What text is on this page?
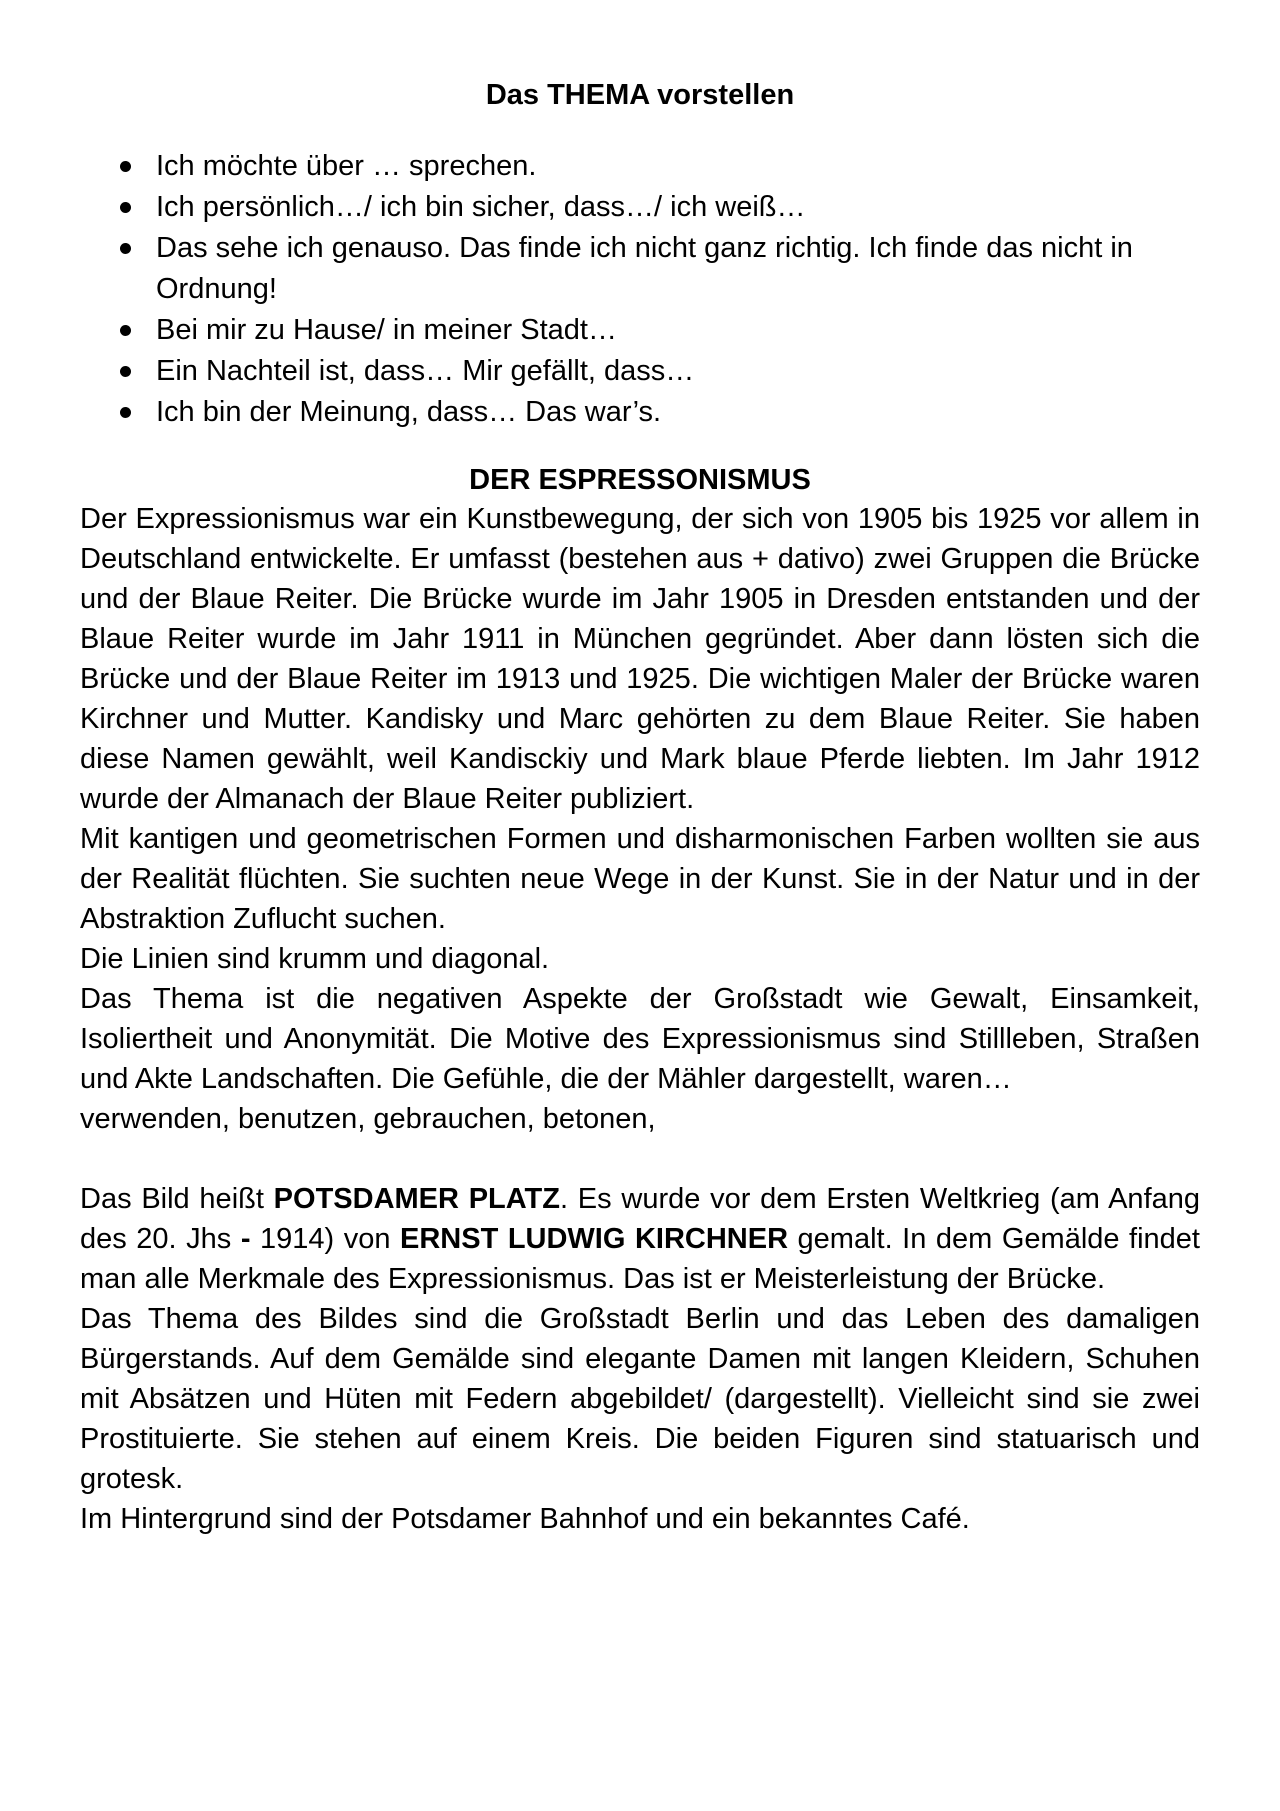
Das THEMA vorstellen
Ich möchte über … sprechen.
Ich persönlich…/ ich bin sicher, dass…/ ich weiß…
Das sehe ich genauso. Das finde ich nicht ganz richtig. Ich finde das nicht in Ordnung!
Bei mir zu Hause/ in meiner Stadt…
Ein Nachteil ist, dass… Mir gefällt, dass…
Ich bin der Meinung, dass… Das war’s.
DER ESPRESSONISMUS

Der Expressionismus war ein Kunstbewegung, der sich von 1905 bis 1925 vor allem in Deutschland entwickelte. Er umfasst (bestehen aus + dativo) zwei Gruppen die Brücke und der Blaue Reiter. Die Brücke wurde im Jahr 1905 in Dresden entstanden und der Blaue Reiter wurde im Jahr 1911 in München gegründet. Aber dann lösten sich die Brücke und der Blaue Reiter im 1913 und 1925. Die wichtigen Maler der Brücke waren Kirchner und Mutter. Kandisky und Marc gehörten zu dem Blaue Reiter. Sie haben diese Namen gewählt, weil Kandisckiy und Mark blaue Pferde liebten. Im Jahr 1912 wurde der Almanach der Blaue Reiter publiziert.

Mit kantigen und geometrischen Formen und disharmonischen Farben wollten sie aus der Realität flüchten. Sie suchten neue Wege in der Kunst. Sie in der Natur und in der Abstraktion Zuflucht suchen.

Die Linien sind krumm und diagonal.

Das Thema ist die negativen Aspekte der Großstadt wie Gewalt, Einsamkeit, Isoliertheit und Anonymität. Die Motive des Expressionismus sind Stillleben, Straßen und Akte Landschaften. Die Gefühle, die der Mähler dargestellt, waren…

verwenden, benutzen, gebrauchen, betonen,

Das Bild heißt POTSDAMER PLATZ. Es wurde vor dem Ersten Weltkrieg (am Anfang des 20. Jhs - 1914) von ERNST LUDWIG KIRCHNER gemalt. In dem Gemälde findet man alle Merkmale des Expressionismus. Das ist er Meisterleistung der Brücke.

Das Thema des Bildes sind die Großstadt Berlin und das Leben des damaligen Bürgerstands. Auf dem Gemälde sind elegante Damen mit langen Kleidern, Schuhen mit Absätzen und Hüten mit Federn abgebildet/ (dargestellt). Vielleicht sind sie zwei Prostituierte. Sie stehen auf einem Kreis. Die beiden Figuren sind statuarisch und grotesk.

Im Hintergrund sind der Potsdamer Bahnhof und ein bekanntes Café.
